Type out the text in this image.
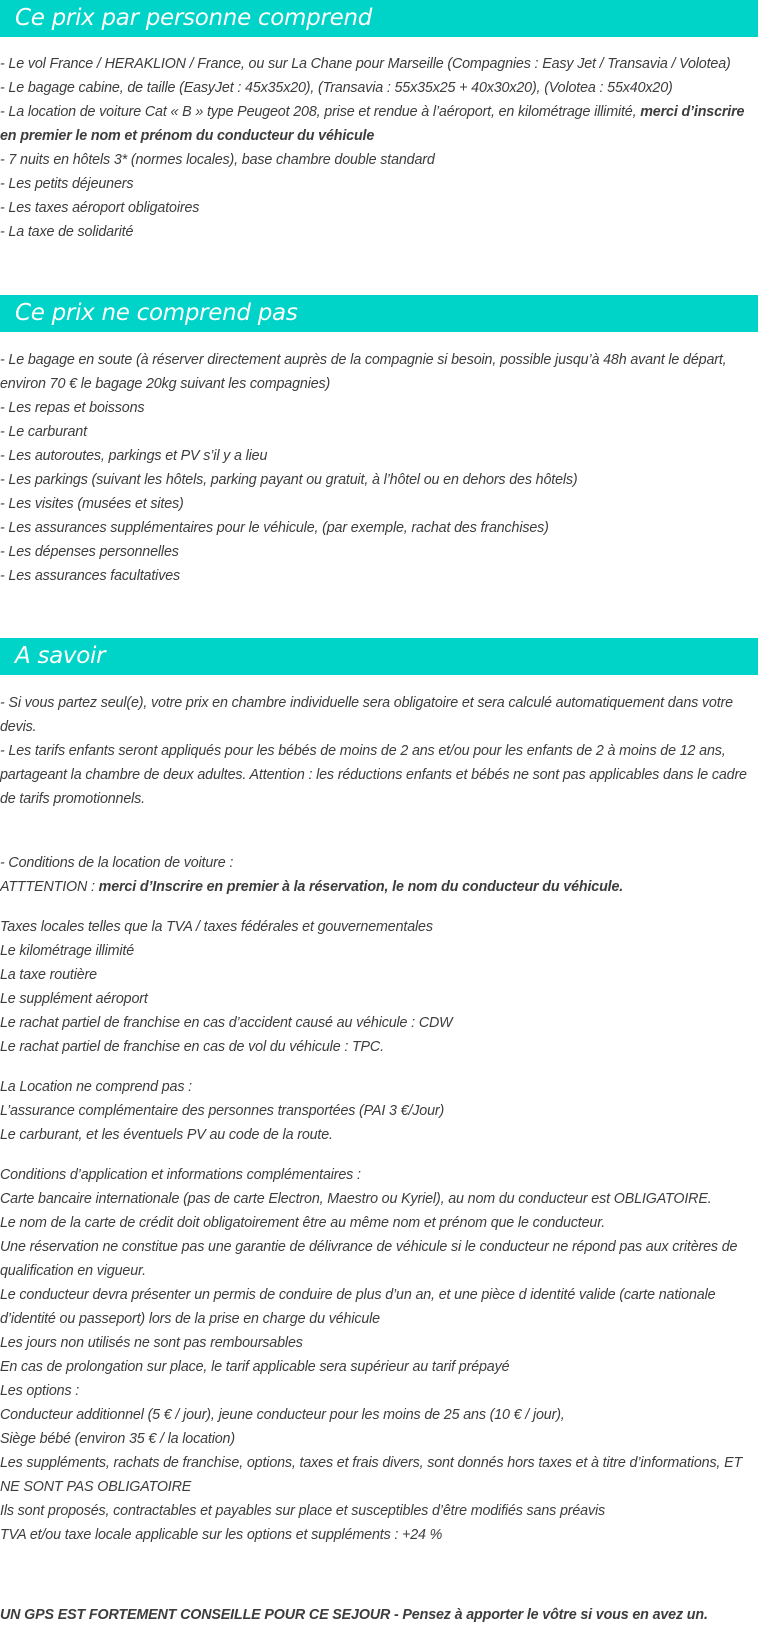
Ce prix par personne comprend
- Le vol France / HERAKLION / France, ou sur La Chane pour Marseille (Compagnies : Easy Jet / Transavia / Volotea)
- Le bagage cabine, de taille (EasyJet : 45x35x20), (Transavia : 55x35x25 + 40x30x20), (Volotea : 55x40x20)
- La location de voiture Cat « B » type Peugeot 208, prise et rendue à l’aéroport, en kilométrage illimité, merci d’inscrire en premier le nom et prénom du conducteur du véhicule
- 7 nuits en hôtels 3* (normes locales), base chambre double standard
- Les petits déjeuners
- Les taxes aéroport obligatoires
- La taxe de solidarité
Ce prix ne comprend pas
- Le bagage en soute (à réserver directement auprès de la compagnie si besoin, possible jusqu’à 48h avant le départ, environ 70 € le bagage 20kg suivant les compagnies)
- Les repas et boissons
- Le carburant
- Les autoroutes, parkings et PV s’il y a lieu
- Les parkings (suivant les hôtels, parking payant ou gratuit, à l’hôtel ou en dehors des hôtels)
- Les visites (musées et sites)
- Les assurances supplémentaires pour le véhicule, (par exemple, rachat des franchises)
- Les dépenses personnelles
- Les assurances facultatives
A savoir
- Si vous partez seul(e), votre prix en chambre individuelle sera obligatoire et sera calculé automatiquement dans votre devis.
- Les tarifs enfants seront appliqués pour les bébés de moins de 2 ans et/ou pour les enfants de 2 à moins de 12 ans, partageant la chambre de deux adultes. Attention : les réductions enfants et bébés ne sont pas applicables dans le cadre de tarifs promotionnels.
- Conditions de la location de voiture :
ATTTENTION : merci d’Inscrire en premier à la réservation, le nom du conducteur du véhicule.
Taxes locales telles que la TVA / taxes fédérales et gouvernementales
Le kilométrage illimité
La taxe routière
Le supplément aéroport
Le rachat partiel de franchise en cas d’accident causé au véhicule : CDW
Le rachat partiel de franchise en cas de vol du véhicule : TPC.
La Location ne comprend pas :
L’assurance complémentaire des personnes transportées (PAI 3 €/Jour)
Le carburant, et les éventuels PV au code de la route.
Conditions d’application et informations complémentaires :
Carte bancaire internationale (pas de carte Electron, Maestro ou Kyriel), au nom du conducteur est OBLIGATOIRE.
Le nom de la carte de crédit doit obligatoirement être au même nom et prénom que le conducteur.
Une réservation ne constitue pas une garantie de délivrance de véhicule si le conducteur ne répond pas aux critères de qualification en vigueur.
Le conducteur devra présenter un permis de conduire de plus d’un an, et une pièce d identité valide (carte nationale d’identité ou passeport) lors de la prise en charge du véhicule
Les jours non utilisés ne sont pas remboursables
En cas de prolongation sur place, le tarif applicable sera supérieur au tarif prépayé
Les options :
Conducteur additionnel (5 € / jour), jeune conducteur pour les moins de 25 ans (10 € / jour),
Siège bébé (environ 35 € / la location)
Les suppléments, rachats de franchise, options, taxes et frais divers, sont donnés hors taxes et à titre d’informations, ET NE SONT PAS OBLIGATOIRE
Ils sont proposés, contractables et payables sur place et susceptibles d’être modifiés sans préavis
TVA et/ou taxe locale applicable sur les options et suppléments : +24 %
UN GPS EST FORTEMENT CONSEILLE POUR CE SEJOUR - Pensez à apporter le vôtre si vous en avez un.
